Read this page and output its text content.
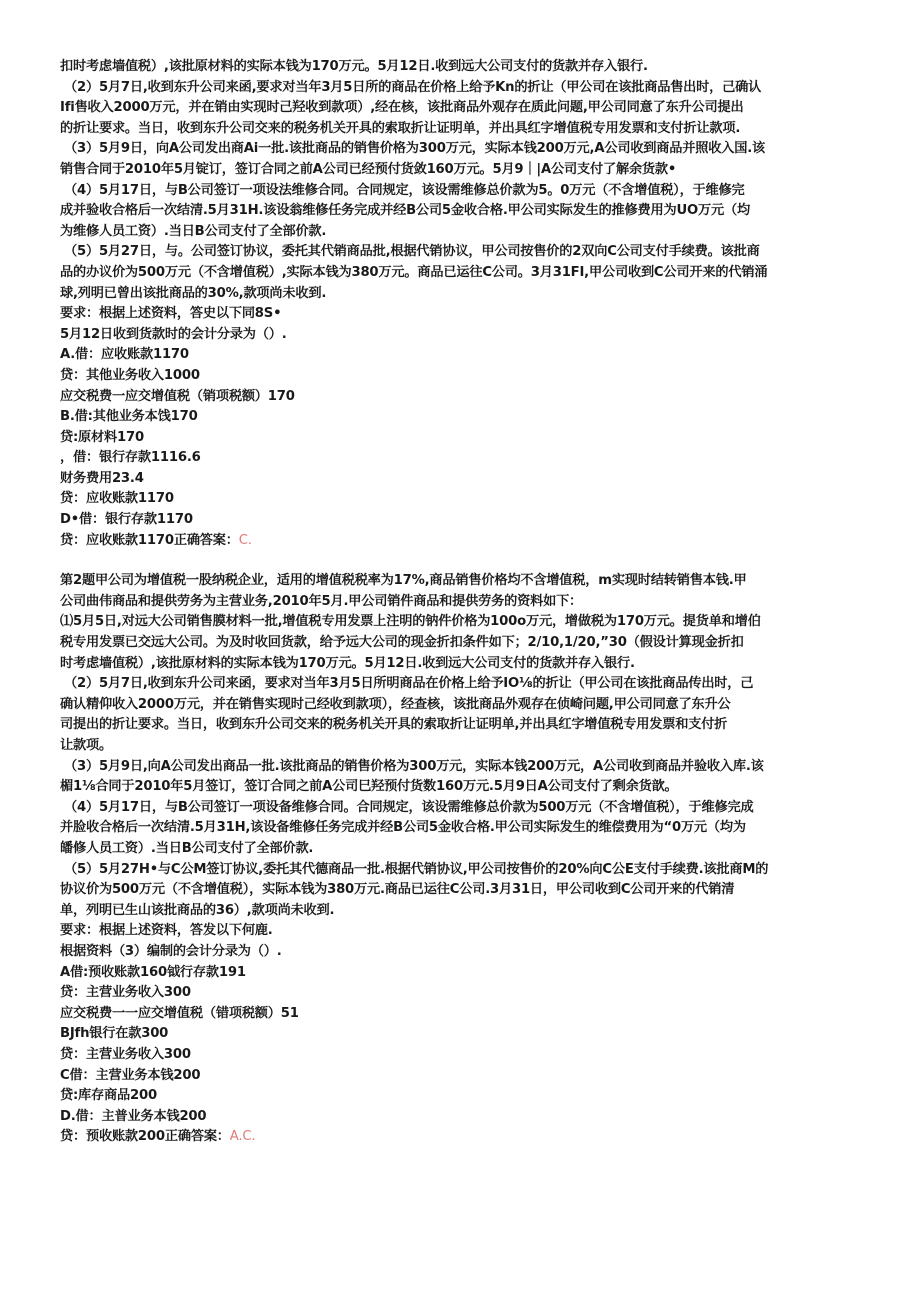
扣时考虑墙值税）,该批原材料的实际本钱为170万元。5月12日.收到远大公司支付的货款并存入银行.

（2）5月7日,收到东升公司来函,要求对当年3月5日所的商品在价格上给予Kn的折让（甲公司在该批商品售出时，己确认

Ifi售收入2000万元，并在销由实现时己羟收到款项）,经在核，该批商品外观存在质此问题,甲公司同意了东升公司提出

的折让要求。当日，收到东升公司交来的税务机关开具的索取折让证明单，并出具红字增值税专用发票和支付折让款项.

（3）5月9日，向A公司发出商Ai一批.该批商品的销售价格为300万元，实际本钱200万元,A公司收到商品并照收入国.该

销售合同于2010年5月锭订，签订合同之前A公司已经预付货敛160万元。5月9｜|A公司支付了解余货款•

（4）5月17日，与B公司签订一项设法维修合同。合同规定，该设需维修总价款为5。0万元（不含增值税），于维修完

成并验收合格后一次结清.5月31H.该设翁维修任务完成并经B公司5金收合格.甲公司实际发生的推修费用为UO万元（均

为维修人员工资）.当日B公司支付了全部价款.

（5）5月27日，与。公司签订协议，委托其代销商品批,根据代销协议，甲公司按售价的2双向C公司支付手续费。该批商

品的办议价为500万元（不含增值税）,实际本钱为380万元。商品已运往C公司。3月31FI,甲公司收到C公司开来的代销涌

球,列明已曾出该批商品的30%,款项尚未收到.

要求：根据上述资料，答史以下同8S•

5月12日收到货款时的会计分录为（）.

A.借：应收账款1170

贷：其他业务收入1000

应交税费一应交增值税（销项税额）170

B.借:其他业务本饯170

贷:原材料170

，借：银行存款1116.6

财务费用23.4

贷：应收账款1170

D•借：银行存款1170

贷：应收账款1170正确答案：C.

第2题甲公司为增值税一股纳税企业，适用的增值税税率为17%,商品销售价格均不含增值税，m实现时结转销售本钱.甲

公司曲伟商品和提供劳务为主营业务,2010年5月.甲公司销件商品和提供劳务的资料如下：

⑴5月5日,对远大公司销售膜材料一批,增值税专用发票上注明的钠件价格为100o万元，增做税为170万元。提货单和增伯

税专用发票已交远大公司。为及时收回货款，给予远大公司的现金折扣条件如下；2/10,1/20,”30（假设计算现金折扣

时考虑墙值税）,该批原材料的实际本钱为170万元。5月12日.收到远大公司支付的货款并存入银行.

（2）5月7日,收到东升公司来函，要求对当年3月5日所明商品在价格上给予IO⅛的折让（甲公司在该批商品传出时，己

确认精仰收入2000万元，并在销售实现时己经收到款项），经查核，该批商品外观存在侦崎问题,甲公司同意了东升公

司提出的折让要求。当日，收到东升公司交来的税务机关开具的索取折让证明单,并出具红字增值税专用发票和支付折

让款项。

（3）5月9日,向A公司发出商品一批.该批商品的销售价格为300万元，实际本钱200万元，A公司收到商品并验收入库.该

楣1⅛合同于2010年5月签订，签订合同之前A公司巳羟预付货数160万元.5月9日A公司支付了剩余货歆。

（4）5月17日，与B公司签订一项设备维修合同。合同规定，该设需维修总价款为500万元（不含增值税），于维修完成

并脸收合格后一次结清.5月31H,该设备维修任务完成并经B公司5金收合格.甲公司实际发生的维偿费用为“0万元（均为

皤修人员工资）.当日B公司支付了全部价款.

（5）5月27H•与C公M签订协议,委托其代德商品一批.根据代销协议,甲公司按售价的20%向C公E支付手续费.该批商M的

协议价为500万元（不含增值税），实际本钱为380万元.商品已运往C公司.3月31日，甲公司收到C公司开来的代销清

单，列明已生山该批商品的36）,款项尚未收到.

要求：根据上述资料，答发以下何鹿.

根据资料（3）编制的会计分录为（）.

A借:预收账款160钺行存款191

贷：主营业务收入300

应交税费一一应交增值税（错项税额）51

BJfh银行在款300

贷：主营业务收入300

C借：主营业务本钱200

贷:库存商品200

D.借：主普业务本钱200

贷：预收账款200正确答案：A.C.
